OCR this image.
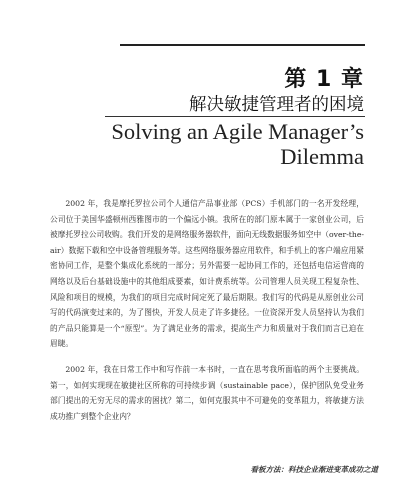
第 1 章
解决敏捷管理者的困境
Solving an Agile Manager’s Dilemma

2002 年，我是摩托罗拉公司个人通信产品事业部（PCS）手机部门的一名开发经理，公司位于美国华盛顿州西雅图市的一个偏远小镇。我所在的部门原本属于一家创业公司，后被摩托罗拉公司收购。我们开发的是网络服务器软件，面向无线数据服务如空中（over-the-air）数据下载和空中设备管理服务等。这些网络服务器应用软件，和手机上的客户端应用紧密协同工作，是整个集成化系统的一部分；另外需要一起协同工作的，还包括电信运营商的网络以及后台基础设施中的其他组成要素，如计费系统等。公司管理人员关现工程复杂性、风险和项目的规模，为我们的项目完成时间定死了最后期限。我们写的代码是从原创业公司写的代码演变过来的，为了图快，开发人员走了许多捷径。一位资深开发人员坚持认为我们的产品只能算是一个“原型”。为了满足业务的需求，提高生产力和质量对于我们而言已迫在眉睫。

2002 年，我在日常工作中和写作前一本书时，一直在思考我所面临的两个主要挑战。第一，如何实现现在敏捷社区所称的可持续步调（sustainable pace），保护团队免受业务部门提出的无穷无尽的需求的困扰？第二，如何克服其中不可避免的变革阻力，将敏捷方法成功推广到整个企业内？

看板方法：科技企业渐进变革成功之道
